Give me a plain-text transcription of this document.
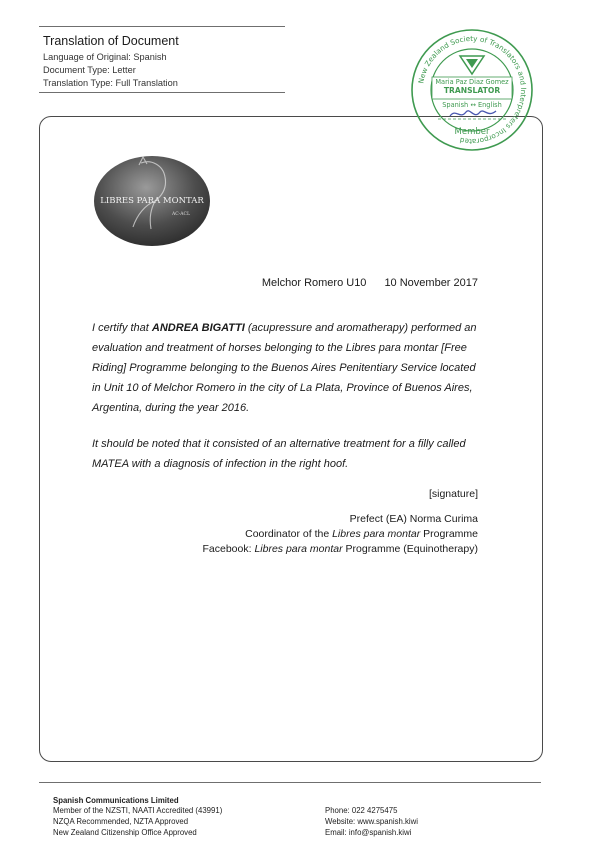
Translation of Document
Language of Original: Spanish
Document Type: Letter
Translation Type: Full Translation	New Zealand Society of Translators and Interpreters Incorporated
Maria Paz Diaz Gomez
TRANSLATOR
Spanish ↔ English
Member
LIBRES PARA MONTAR
AC-ACL
Melchor Romero U10 10 November 2017
I certify that ANDREA BIGATTI (acupressure and aromatherapy) performed an evaluation and treatment of horses belonging to the Libres para montar [Free Riding] Programme belonging to the Buenos Aires Penitentiary Service located in Unit 10 of Melchor Romero in the city of La Plata, Province of Buenos Aires, Argentina, during the year 2016.
It should be noted that it consisted of an alternative treatment for a filly called MATEA with a diagnosis of infection in the right hoof.
[signature]
Prefect (EA) Norma Curima
Coordinator of the Libres para montar Programme
Facebook: Libres para montar Programme (Equinotherapy)
Spanish Communications Limited
Member of the NZSTI, NAATI Accredited (43991)
NZQA Recommended, NZTA Approved
New Zealand Citizenship Office Approved
Phone: 022 4275475
Website: www.spanish.kiwi
Email: info@spanish.kiwi
